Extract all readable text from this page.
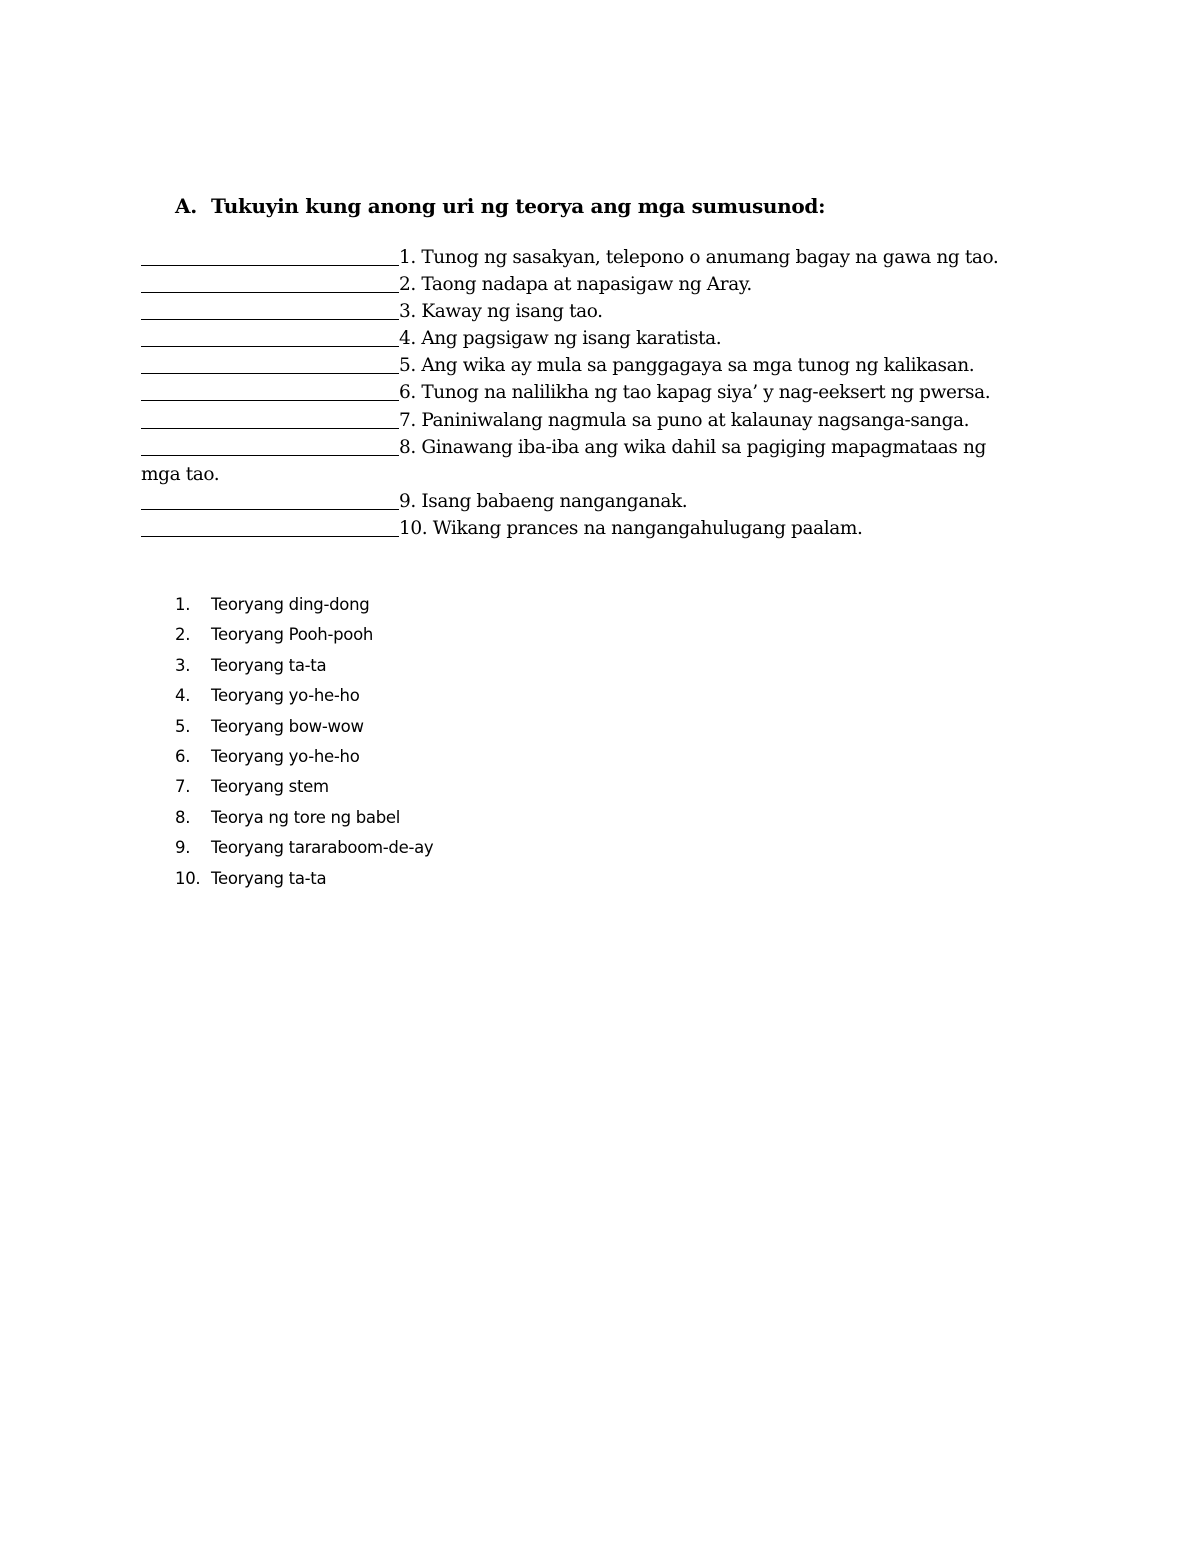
A. Tukuyin kung anong uri ng teorya ang mga sumusunod:
1. Tunog ng sasakyan, telepono o anumang bagay na gawa ng tao.
2. Taong nadapa at napasigaw ng Aray.
3. Kaway ng isang tao.
4. Ang pagsigaw ng isang karatista.
5. Ang wika ay mula sa panggagaya sa mga tunog ng kalikasan.
6. Tunog na nalilikha ng tao kapag siya’ y nag-eeksert ng pwersa.
7. Paniniwalang nagmula sa puno at kalaunay nagsanga-sanga.
8. Ginawang iba-iba ang wika dahil sa pagiging mapagmataas ng mga tao.
9. Isang babaeng nanganganak.
10. Wikang prances na nangangahulugang paalam.
1. Teoryang ding-dong
2. Teoryang Pooh-pooh
3. Teoryang ta-ta
4. Teoryang yo-he-ho
5. Teoryang bow-wow
6. Teoryang yo-he-ho
7. Teoryang stem
8. Teorya ng tore ng babel
9. Teoryang tararaboom-de-ay
10. Teoryang ta-ta
